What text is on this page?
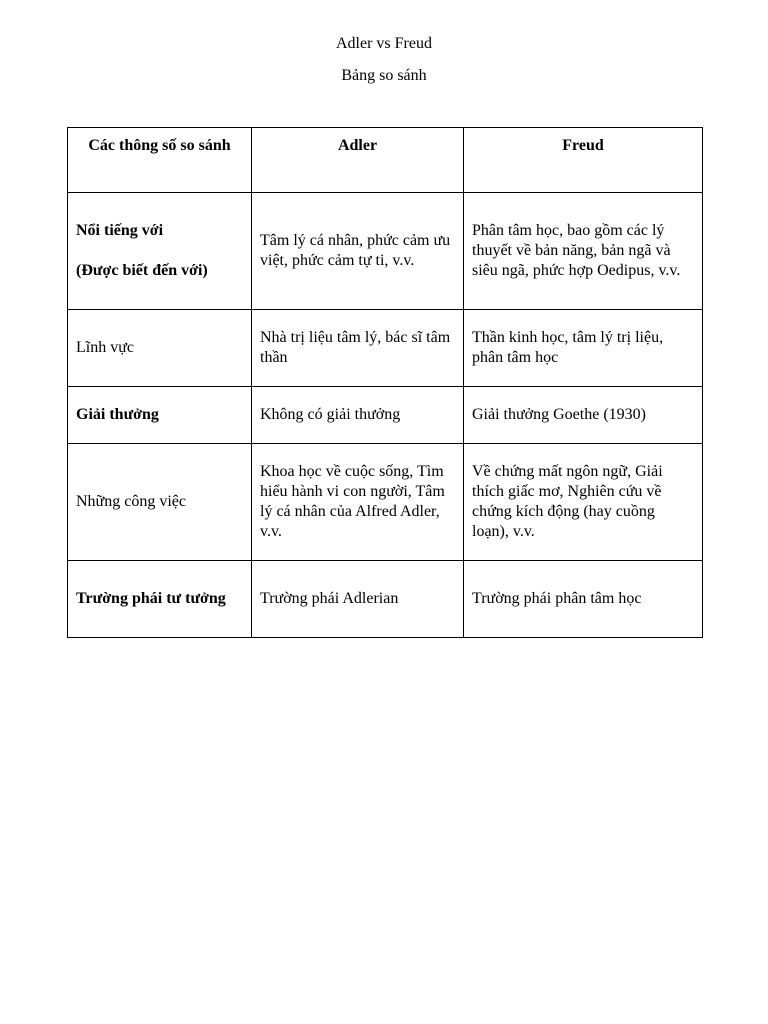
Adler vs Freud
Bảng so sánh
Các thông số so sánh	Adler	Freud

Nổi tiếng với
(Được biết đến với)	Tâm lý cá nhân, phức cảm ưu việt, phức cảm tự ti, v.v.	Phân tâm học, bao gồm các lý thuyết về bản năng, bản ngã và siêu ngã, phức hợp Oedipus, v.v.
Lĩnh vực	Nhà trị liệu tâm lý, bác sĩ tâm thần	Thần kinh học, tâm lý trị liệu, phân tâm học
Giải thưởng	Không có giải thưởng	Giải thưởng Goethe (1930)
Những công việc	Khoa học về cuộc sống, Tìm hiểu hành vi con người, Tâm lý cá nhân của Alfred Adler, v.v.	Về chứng mất ngôn ngữ, Giải thích giấc mơ, Nghiên cứu về chứng kích động (hay cuồng loạn), v.v.
Trường phái tư tưởng	Trường phái Adlerian	Trường phái phân tâm học
